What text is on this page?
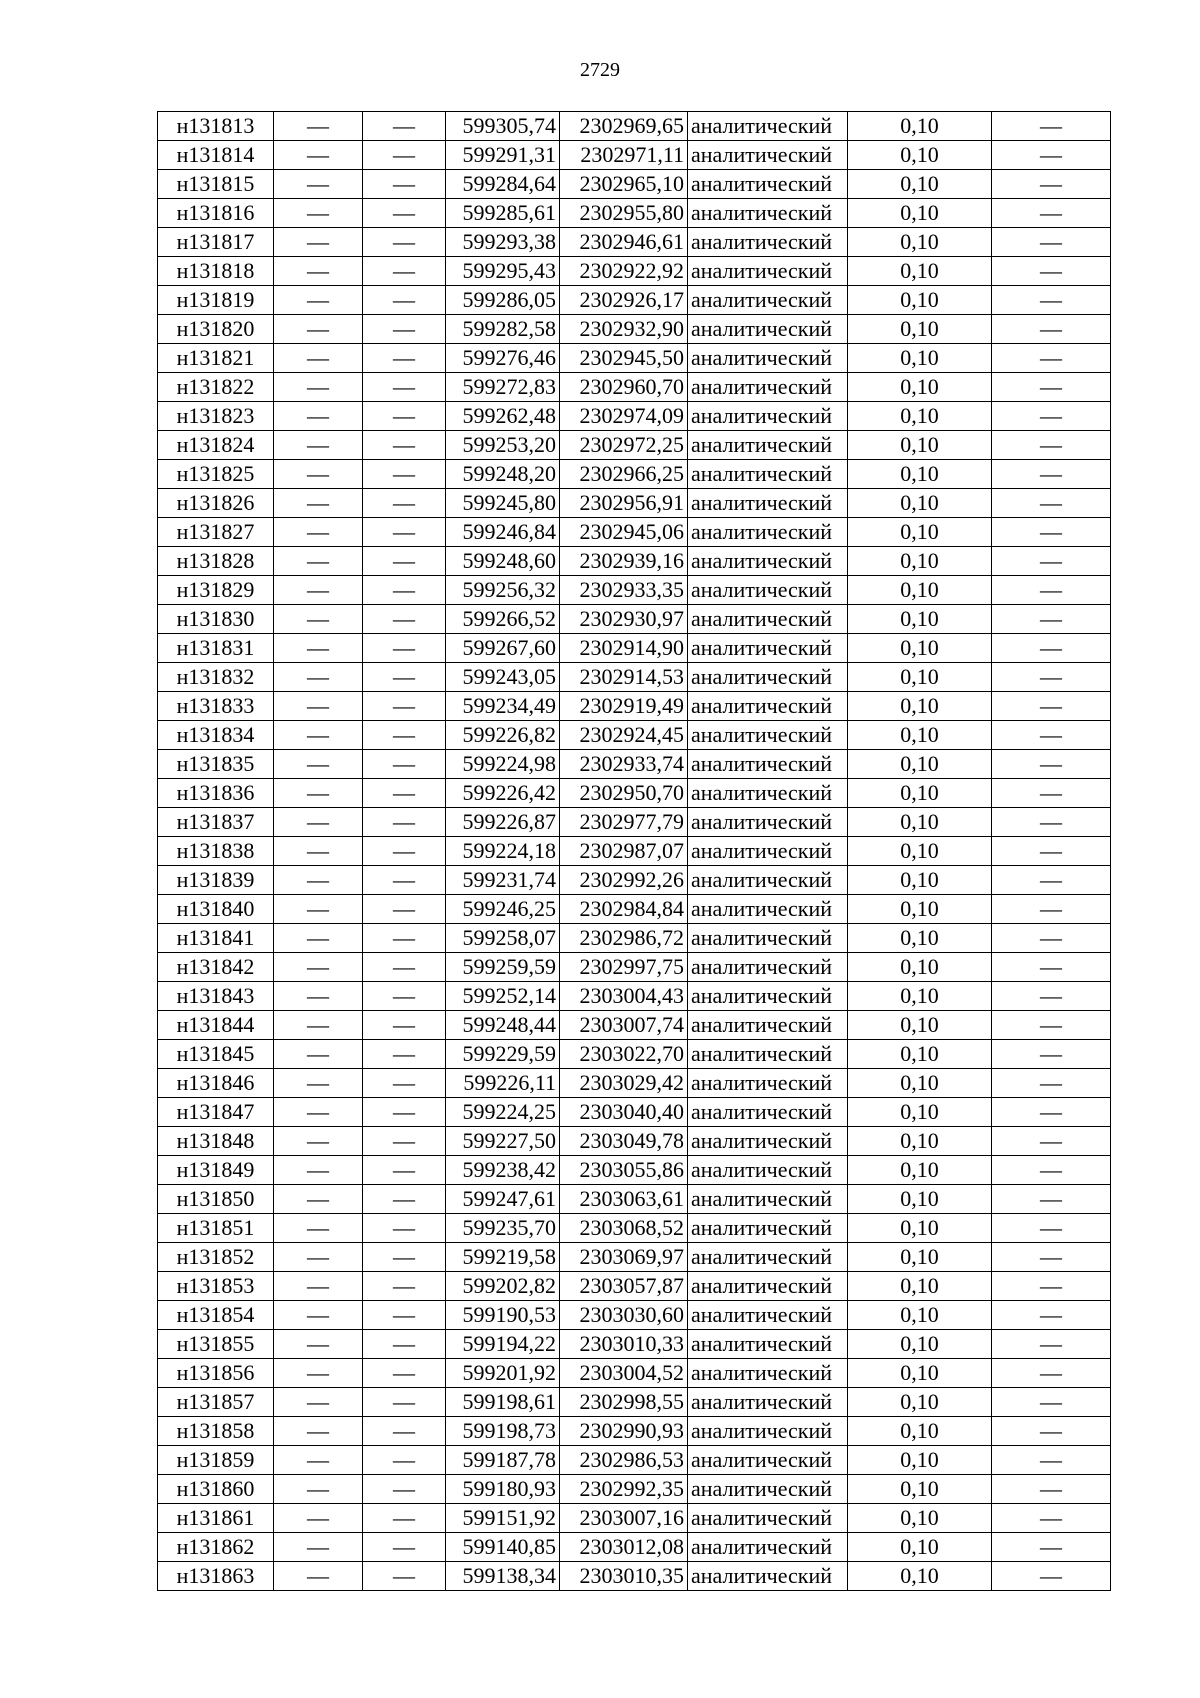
2729
н131813	—	—	599305,74	2302969,65	аналитический	0,10	—
н131814	—	—	599291,31	2302971,11	аналитический	0,10	—
н131815	—	—	599284,64	2302965,10	аналитический	0,10	—
н131816	—	—	599285,61	2302955,80	аналитический	0,10	—
н131817	—	—	599293,38	2302946,61	аналитический	0,10	—
н131818	—	—	599295,43	2302922,92	аналитический	0,10	—
н131819	—	—	599286,05	2302926,17	аналитический	0,10	—
н131820	—	—	599282,58	2302932,90	аналитический	0,10	—
н131821	—	—	599276,46	2302945,50	аналитический	0,10	—
н131822	—	—	599272,83	2302960,70	аналитический	0,10	—
н131823	—	—	599262,48	2302974,09	аналитический	0,10	—
н131824	—	—	599253,20	2302972,25	аналитический	0,10	—
н131825	—	—	599248,20	2302966,25	аналитический	0,10	—
н131826	—	—	599245,80	2302956,91	аналитический	0,10	—
н131827	—	—	599246,84	2302945,06	аналитический	0,10	—
н131828	—	—	599248,60	2302939,16	аналитический	0,10	—
н131829	—	—	599256,32	2302933,35	аналитический	0,10	—
н131830	—	—	599266,52	2302930,97	аналитический	0,10	—
н131831	—	—	599267,60	2302914,90	аналитический	0,10	—
н131832	—	—	599243,05	2302914,53	аналитический	0,10	—
н131833	—	—	599234,49	2302919,49	аналитический	0,10	—
н131834	—	—	599226,82	2302924,45	аналитический	0,10	—
н131835	—	—	599224,98	2302933,74	аналитический	0,10	—
н131836	—	—	599226,42	2302950,70	аналитический	0,10	—
н131837	—	—	599226,87	2302977,79	аналитический	0,10	—
н131838	—	—	599224,18	2302987,07	аналитический	0,10	—
н131839	—	—	599231,74	2302992,26	аналитический	0,10	—
н131840	—	—	599246,25	2302984,84	аналитический	0,10	—
н131841	—	—	599258,07	2302986,72	аналитический	0,10	—
н131842	—	—	599259,59	2302997,75	аналитический	0,10	—
н131843	—	—	599252,14	2303004,43	аналитический	0,10	—
н131844	—	—	599248,44	2303007,74	аналитический	0,10	—
н131845	—	—	599229,59	2303022,70	аналитический	0,10	—
н131846	—	—	599226,11	2303029,42	аналитический	0,10	—
н131847	—	—	599224,25	2303040,40	аналитический	0,10	—
н131848	—	—	599227,50	2303049,78	аналитический	0,10	—
н131849	—	—	599238,42	2303055,86	аналитический	0,10	—
н131850	—	—	599247,61	2303063,61	аналитический	0,10	—
н131851	—	—	599235,70	2303068,52	аналитический	0,10	—
н131852	—	—	599219,58	2303069,97	аналитический	0,10	—
н131853	—	—	599202,82	2303057,87	аналитический	0,10	—
н131854	—	—	599190,53	2303030,60	аналитический	0,10	—
н131855	—	—	599194,22	2303010,33	аналитический	0,10	—
н131856	—	—	599201,92	2303004,52	аналитический	0,10	—
н131857	—	—	599198,61	2302998,55	аналитический	0,10	—
н131858	—	—	599198,73	2302990,93	аналитический	0,10	—
н131859	—	—	599187,78	2302986,53	аналитический	0,10	—
н131860	—	—	599180,93	2302992,35	аналитический	0,10	—
н131861	—	—	599151,92	2303007,16	аналитический	0,10	—
н131862	—	—	599140,85	2303012,08	аналитический	0,10	—
н131863	—	—	599138,34	2303010,35	аналитический	0,10	—
